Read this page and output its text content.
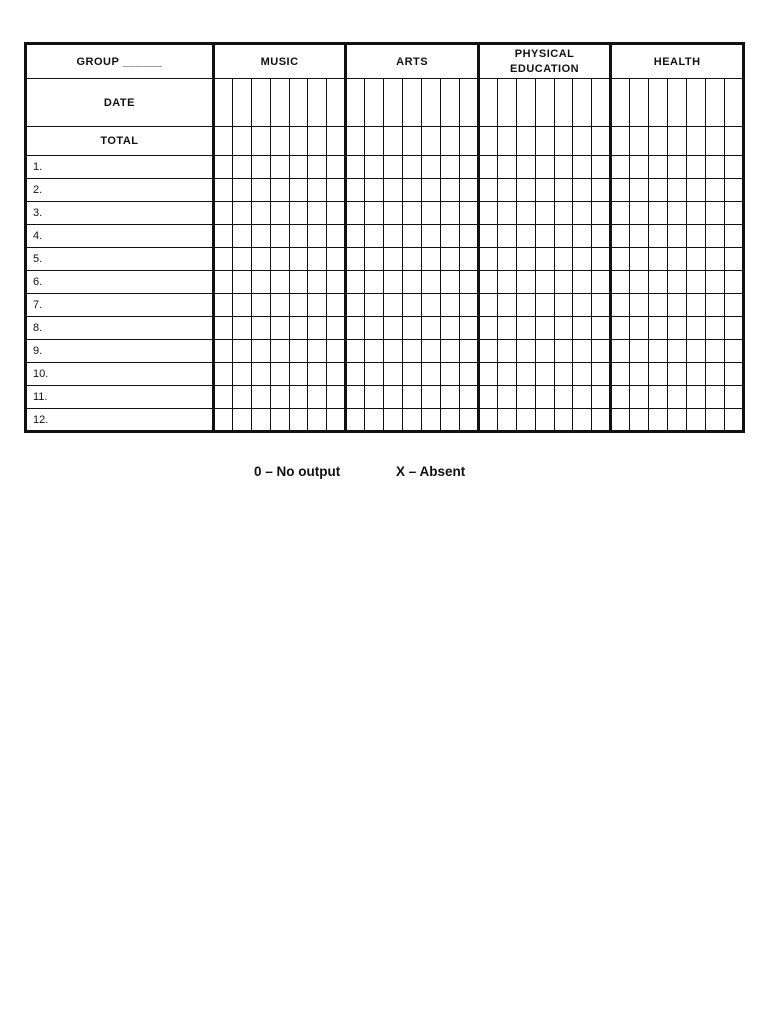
GROUP ______	MUSIC							ARTS							PHYSICAL
EDUCATION							HEALTH						
DATE																												
TOTAL																												
1.																												
2.																												
3.																												
4.																												
5.																												
6.																												
7.																												
8.																												
9.																												
10.																												
11.																												
12.																												
0 – No output	X – Absent
